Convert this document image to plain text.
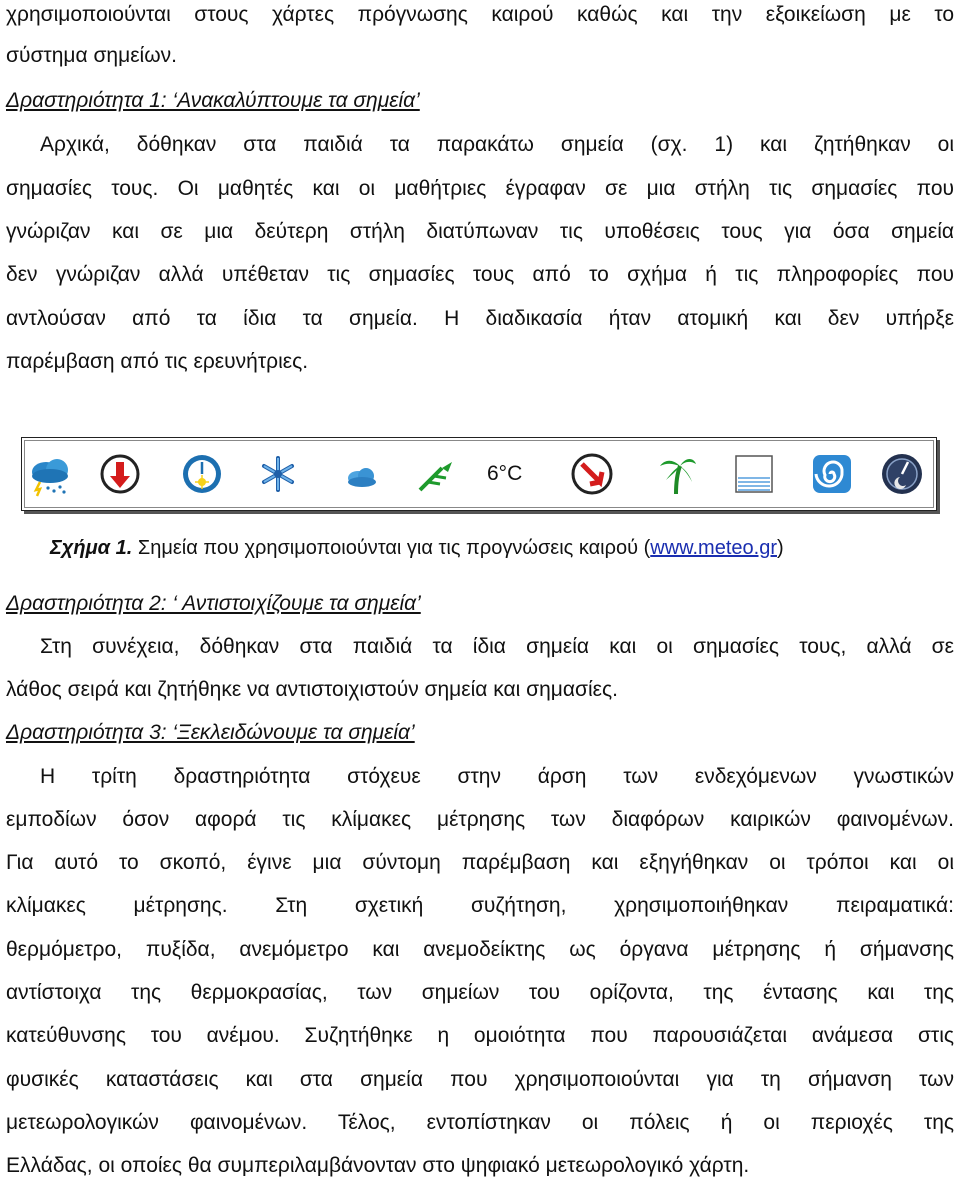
χρησιμοποιούνται στους χάρτες πρόγνωσης καιρού καθώς και την εξοικείωση με το
σύστημα σημείων.
Δραστηριότητα 1: ‘Ανακαλύπτουμε τα σημεία’
Αρχικά, δόθηκαν στα παιδιά τα παρακάτω σημεία (σχ. 1) και ζητήθηκαν οι
σημασίες τους. Οι μαθητές και οι μαθήτριες έγραφαν σε μια στήλη τις σημασίες που
γνώριζαν και σε μια δεύτερη στήλη διατύπωναν τις υποθέσεις τους για όσα σημεία
δεν γνώριζαν αλλά υπέθεταν τις σημασίες τους από το σχήμα ή τις πληροφορίες που
αντλούσαν από τα ίδια τα σημεία. Η διαδικασία ήταν ατομική και δεν υπήρξε
παρέμβαση από τις ερευνήτριες.
6°C
Σχήμα 1. Σημεία που χρησιμοποιούνται για τις προγνώσεις καιρού (www.meteo.gr)
Δραστηριότητα 2: ‘ Αντιστοιχίζουμε τα σημεία’
Στη συνέχεια, δόθηκαν στα παιδιά τα ίδια σημεία και οι σημασίες τους, αλλά σε
λάθος σειρά και ζητήθηκε να αντιστοιχιστούν σημεία και σημασίες.
Δραστηριότητα 3: ‘Ξεκλειδώνουμε τα σημεία’
Η τρίτη δραστηριότητα στόχευε στην άρση των ενδεχόμενων γνωστικών
εμποδίων όσον αφορά τις κλίμακες μέτρησης των διαφόρων καιρικών φαινομένων.
Για αυτό το σκοπό, έγινε μια σύντομη παρέμβαση και εξηγήθηκαν οι τρόποι και οι
κλίμακες μέτρησης. Στη σχετική συζήτηση, χρησιμοποιήθηκαν πειραματικά:
θερμόμετρο, πυξίδα, ανεμόμετρο και ανεμοδείκτης ως όργανα μέτρησης ή σήμανσης
αντίστοιχα της θερμοκρασίας, των σημείων του ορίζοντα, της έντασης και της
κατεύθυνσης του ανέμου. Συζητήθηκε η ομοιότητα που παρουσιάζεται ανάμεσα στις
φυσικές καταστάσεις και στα σημεία που χρησιμοποιούνται για τη σήμανση των
μετεωρολογικών φαινομένων. Τέλος, εντοπίστηκαν οι πόλεις ή οι περιοχές της
Ελλάδας, οι οποίες θα συμπεριλαμβάνονταν στο ψηφιακό μετεωρολογικό χάρτη.
